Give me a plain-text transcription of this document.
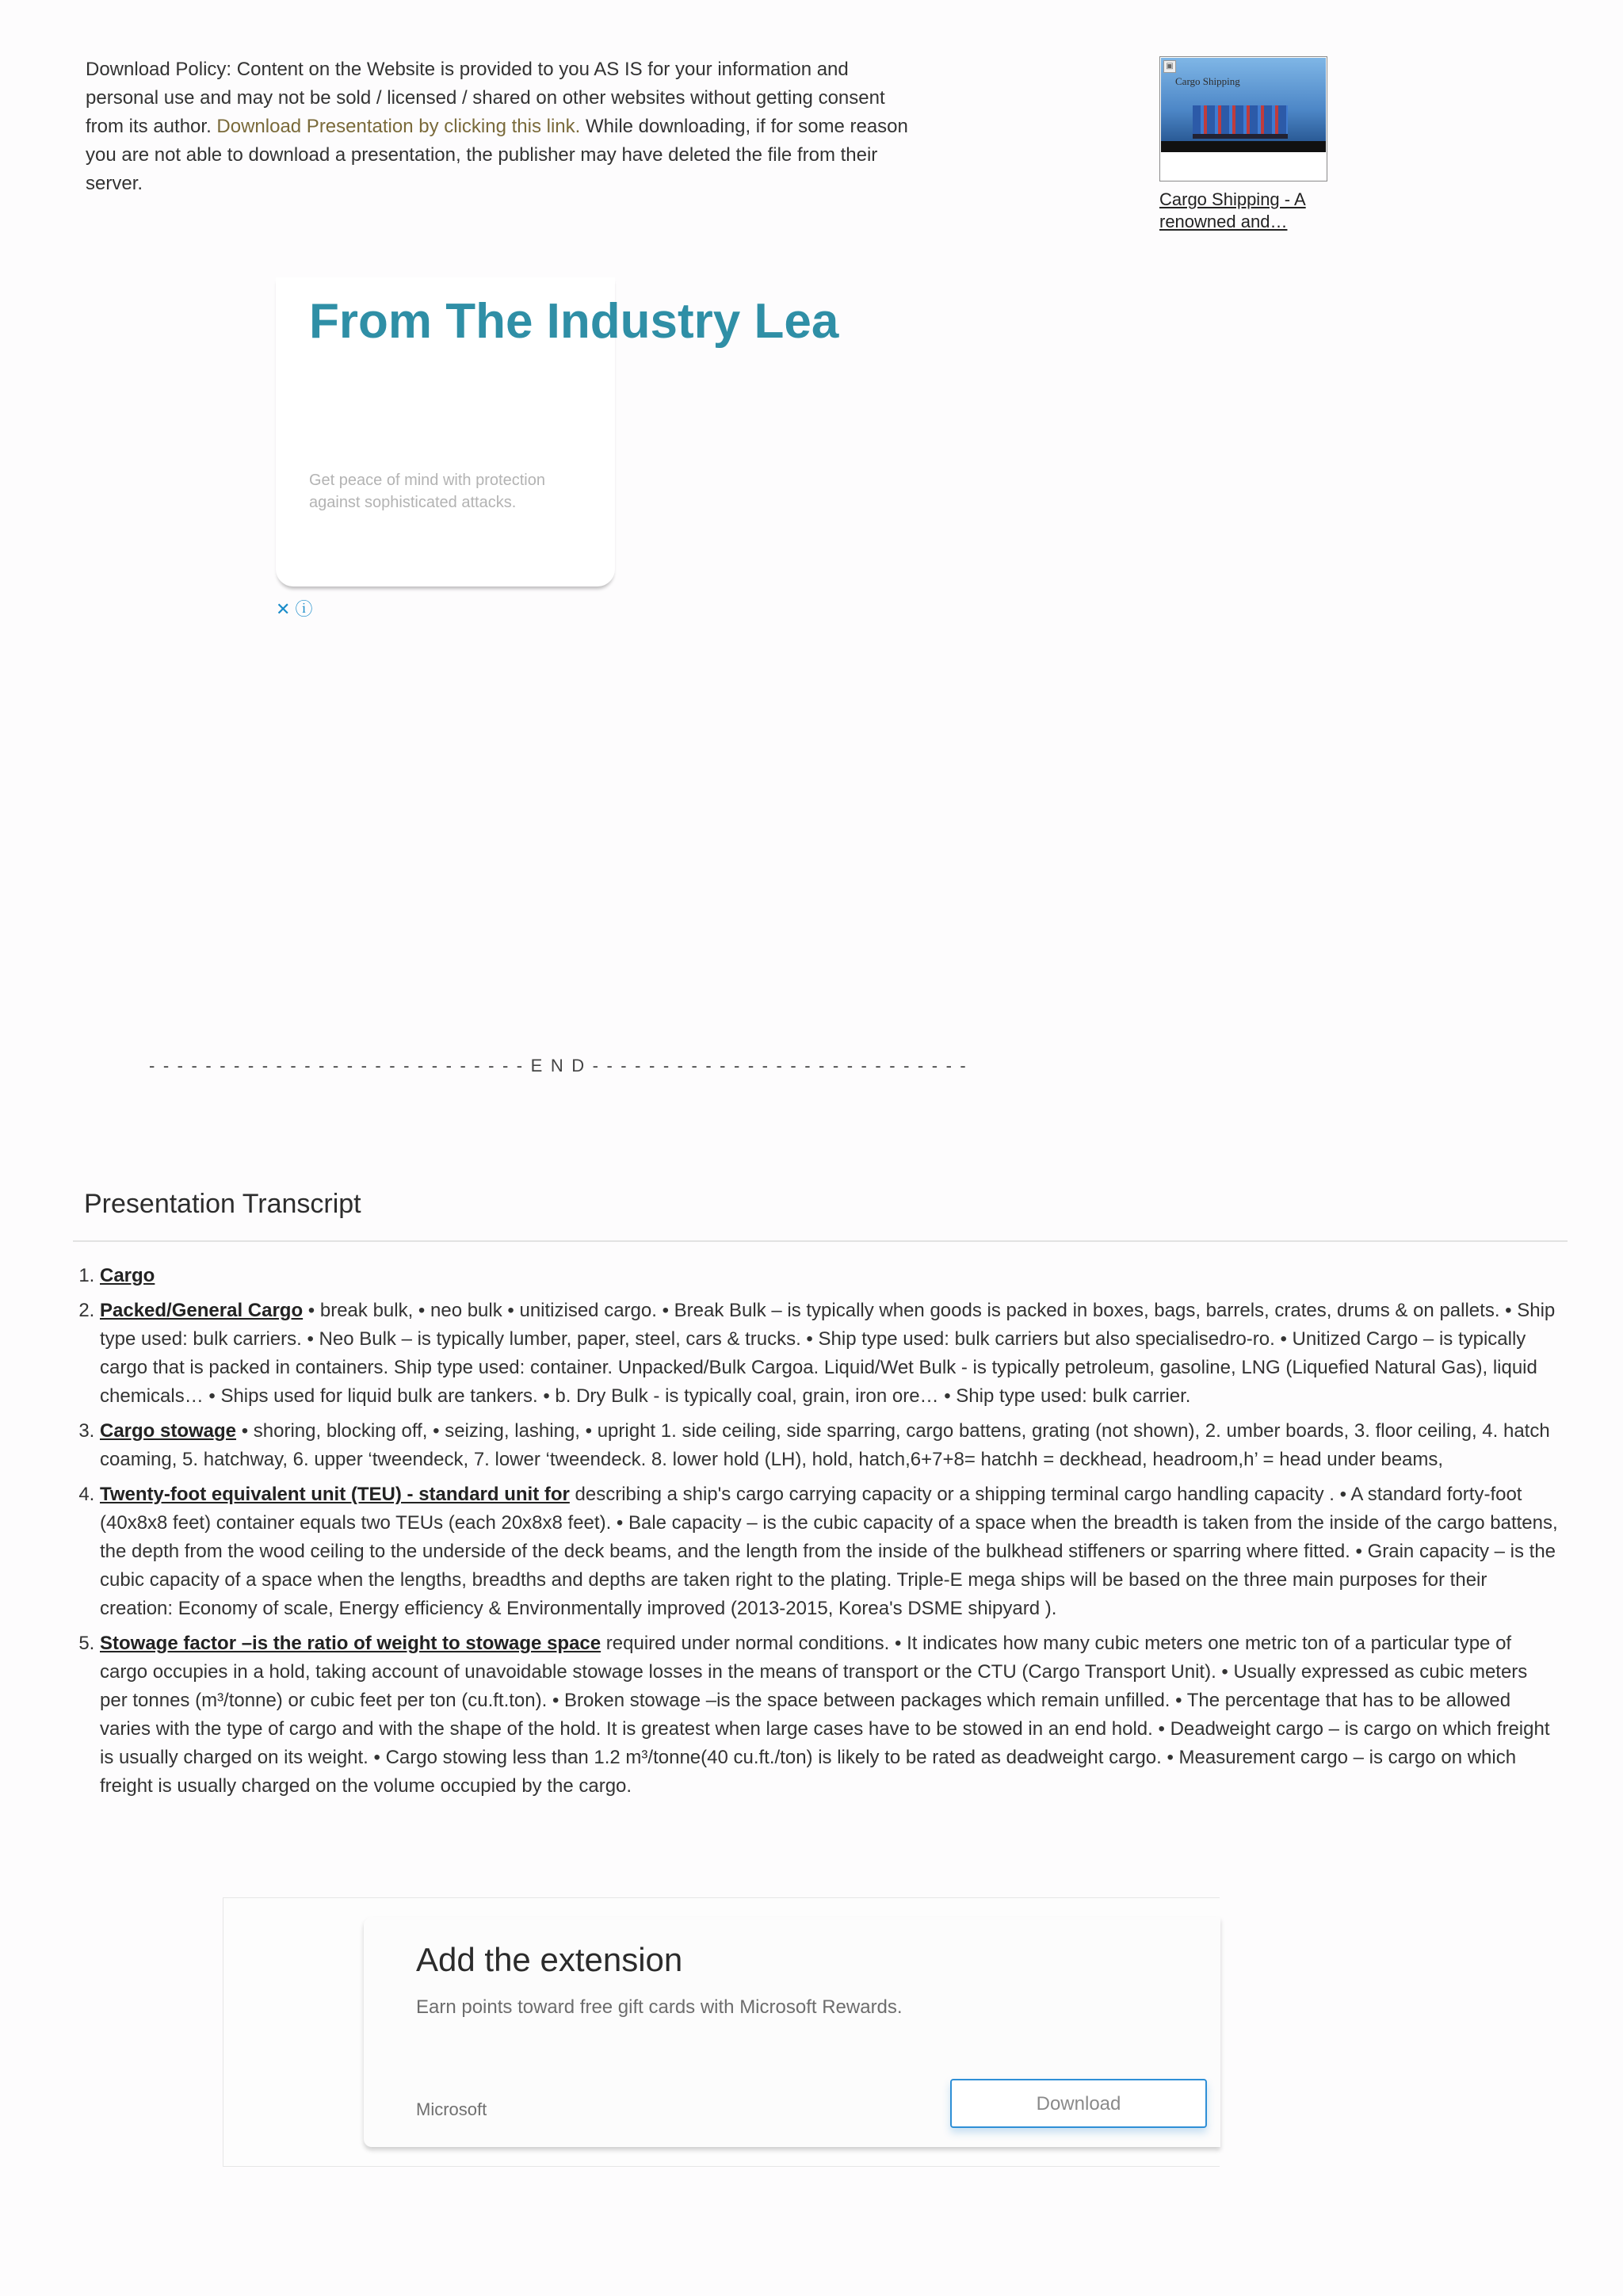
Download Policy: Content on the Website is provided to you AS IS for your information and personal use and may not be sold / licensed / shared on other websites without getting consent from its author. Download Presentation by clicking this link. While downloading, if for some reason you are not able to download a presentation, the publisher may have deleted the file from their server.
▣
Cargo Shipping
Cargo Shipping - A renowned and…
From The Industry Lea
Get peace of mind with protection against sophisticated attacks.
✕ ⓘ
- - - - - - - - - - - - - - - - - - - - - - - - - - - E N D - - - - - - - - - - - - - - - - - - - - - - - - - - -
Presentation Transcript
1. Cargo
2. Packed/General Cargo • break bulk, • neo bulk • unitizised cargo. • Break Bulk – is typically when goods is packed in boxes, bags, barrels, crates, drums & on pallets. • Ship type used: bulk carriers. • Neo Bulk – is typically lumber, paper, steel, cars & trucks. • Ship type used: bulk carriers but also specialisedro-ro. • Unitized Cargo – is typically cargo that is packed in containers. Ship type used: container. Unpacked/Bulk Cargoa. Liquid/Wet Bulk - is typically petroleum, gasoline, LNG (Liquefied Natural Gas), liquid chemicals… • Ships used for liquid bulk are tankers. • b. Dry Bulk - is typically coal, grain, iron ore… • Ship type used: bulk carrier.
3. Cargo stowage • shoring, blocking off, • seizing, lashing, • upright 1. side ceiling, side sparring, cargo battens, grating (not shown), 2. umber boards, 3. floor ceiling, 4. hatch coaming, 5. hatchway, 6. upper ‘tweendeck, 7. lower ‘tweendeck. 8. lower hold (LH), hold, hatch,6+7+8= hatchh = deckhead, headroom,h’ = head under beams,
4. Twenty-foot equivalent unit (TEU) - standard unit for describing a ship's cargo carrying capacity or a shipping terminal cargo handling capacity . • A standard forty-foot (40x8x8 feet) container equals two TEUs (each 20x8x8 feet). • Bale capacity – is the cubic capacity of a space when the breadth is taken from the inside of the cargo battens, the depth from the wood ceiling to the underside of the deck beams, and the length from the inside of the bulkhead stiffeners or sparring where fitted. • Grain capacity – is the cubic capacity of a space when the lengths, breadths and depths are taken right to the plating. Triple-E mega ships will be based on the three main purposes for their creation: Economy of scale, Energy efficiency & Environmentally improved (2013-2015, Korea's DSME shipyard ).
5. Stowage factor –is the ratio of weight to stowage space required under normal conditions. • It indicates how many cubic meters one metric ton of a particular type of cargo occupies in a hold, taking account of unavoidable stowage losses in the means of transport or the CTU (Cargo Transport Unit). • Usually expressed as cubic meters per tonnes (m³/tonne) or cubic feet per ton (cu.ft.ton). • Broken stowage –is the space between packages which remain unfilled. • The percentage that has to be allowed varies with the type of cargo and with the shape of the hold. It is greatest when large cases have to be stowed in an end hold. • Deadweight cargo – is cargo on which freight is usually charged on its weight. • Cargo stowing less than 1.2 m³/tonne(40 cu.ft./ton) is likely to be rated as deadweight cargo. • Measurement cargo – is cargo on which freight is usually charged on the volume occupied by the cargo.
Add the extension
Earn points toward free gift cards with Microsoft Rewards.
Microsoft	Download
